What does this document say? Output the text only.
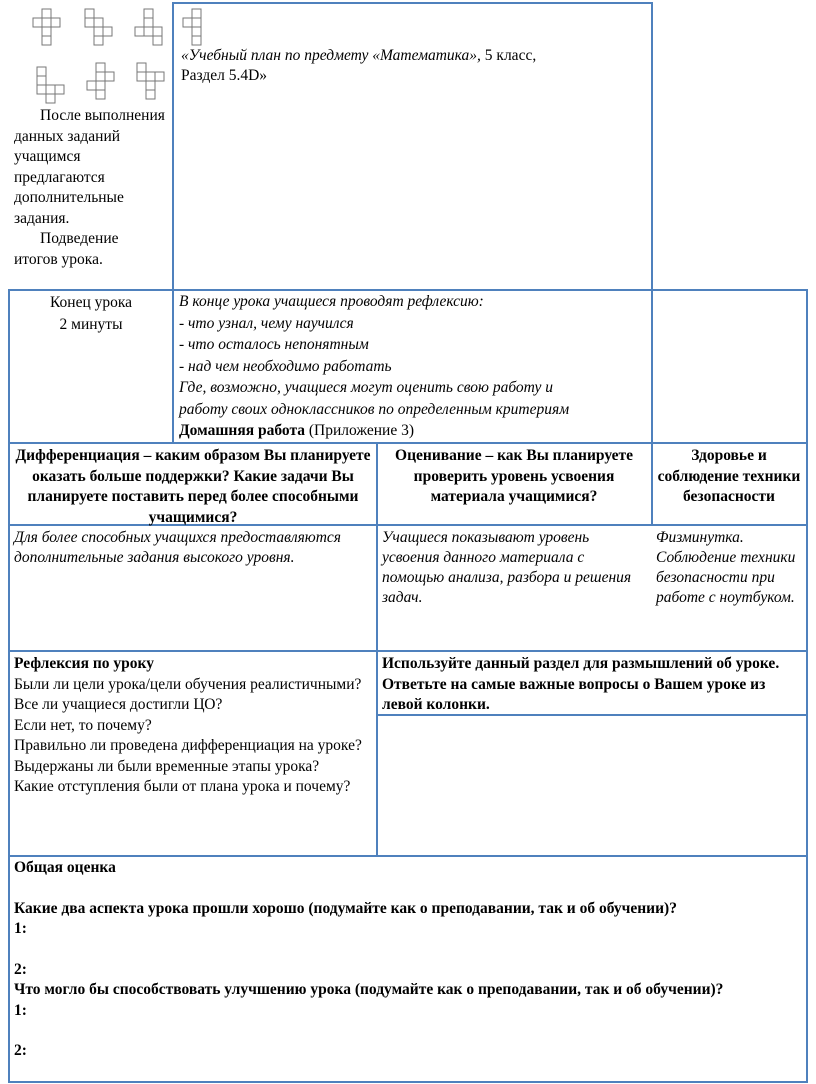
После выполнения данных заданий учащимся предлагаются дополнительные задания.

Подведение итогов урока.

«Учебный план по предмету «Математика», 5 класс,

Раздел 5.4D»

Конец урока

2 минуты

В конце урока учащиеся проводят рефлексию:

- что узнал, чему научился

- что осталось непонятным

- над чем необходимо работать

Где, возможно, учащиеся могут оценить свою работу и

работу своих одноклассников по определенным критериям

Домашняя работа (Приложение 3)

Дифференциация – каким образом Вы планируете оказать больше поддержки? Какие задачи Вы планируете поставить перед более способными учащимися?
Оценивание – как Вы планируете проверить уровень усвоения материала учащимися?
Здоровье и соблюдение техники безопасности
Для более способных учащихся предоставляются дополнительные задания высокого уровня.
Учащиеся показывают уровень усвоения данного материала с помощью анализа, разбора и решения задач.
Физминутка. Соблюдение техники безопасности при работе с ноутбуком.

Рефлексия по уроку

Были ли цели урока/цели обучения реалистичными?

Все ли учащиеся достигли ЦО?

Если нет, то почему?

Правильно ли проведена дифференциация на уроке?

Выдержаны ли были временные этапы урока?

Какие отступления были от плана урока и почему?

Используйте данный раздел для размышлений об уроке. Ответьте на самые важные вопросы о Вашем уроке из левой колонки.

Общая оценка

Какие два аспекта урока прошли хорошо (подумайте как о преподавании, так и об обучении)?

1:

2:

Что могло бы способствовать улучшению урока (подумайте как о преподавании, так и об обучении)?

1:

2:
